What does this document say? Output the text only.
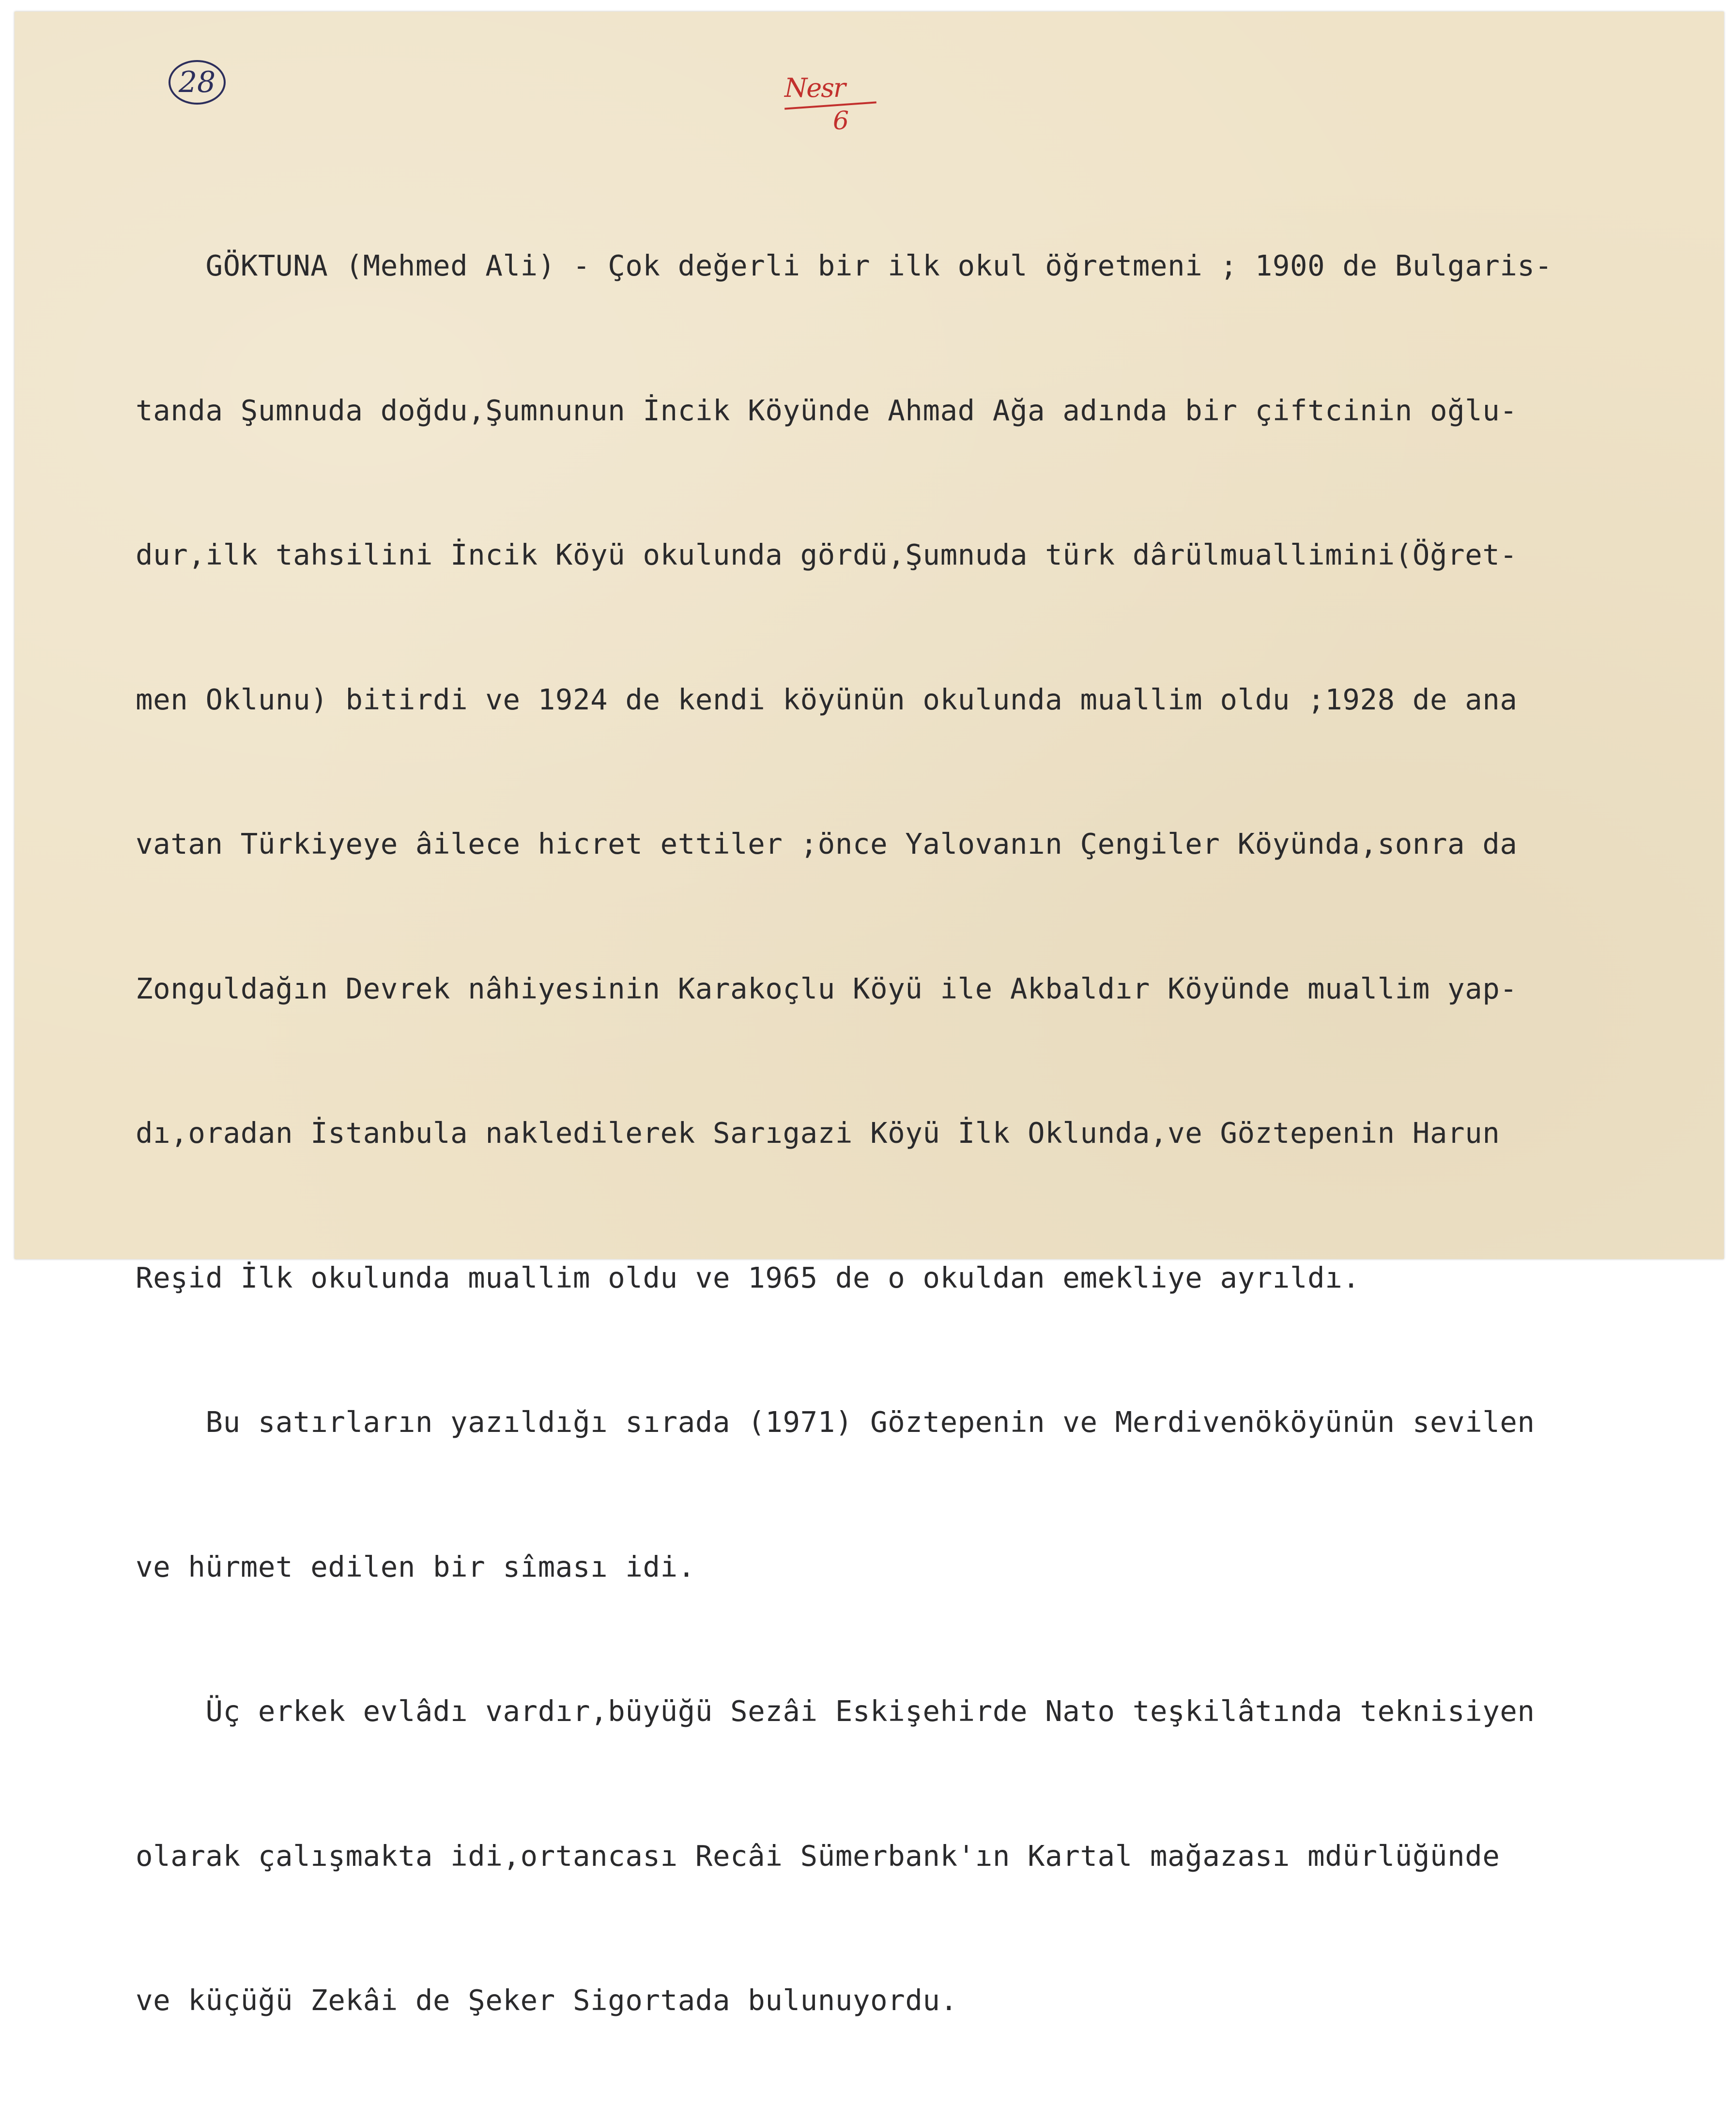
28	Nesr
6

GÖKTUNA (Mehmed Ali) - Çok değerli bir ilk okul öğretmeni ; 1900 de Bulgaris-

tanda Şumnuda doğdu,Şumnunun İncik Köyünde Ahmad Ağa adında bir çiftcinin oğlu-

dur,ilk tahsilini İncik Köyü okulunda gördü,Şumnuda türk dârülmuallimini(Öğret-

men Oklunu) bitirdi ve 1924 de kendi köyünün okulunda muallim oldu ;1928 de ana

vatan Türkiyeye âilece hicret ettiler ;önce Yalovanın Çengiler Köyünda,sonra da

Zonguldağın Devrek nâhiyesinin Karakoçlu Köyü ile Akbaldır Köyünde muallim yap-

dı,oradan İstanbula nakledilerek Sarıgazi Köyü İlk Oklunda,ve Göztepenin Harun

Reşid İlk okulunda muallim oldu ve 1965 de o okuldan emekliye ayrıldı.

Bu satırların yazıldığı sırada (1971) Göztepenin ve Merdivenököyünün sevilen

ve hürmet edilen bir sîması idi.

Üç erkek evlâdı vardır,büyüğü Sezâi Eskişehirde Nato teşkilâtında teknisiyen

olarak çalışmakta idi,ortancası Recâi Sümerbank'ın Kartal mağazası mdürlüğünde

ve küçüğü Zekâi de Şeker Sigortada bulunuyordu.
